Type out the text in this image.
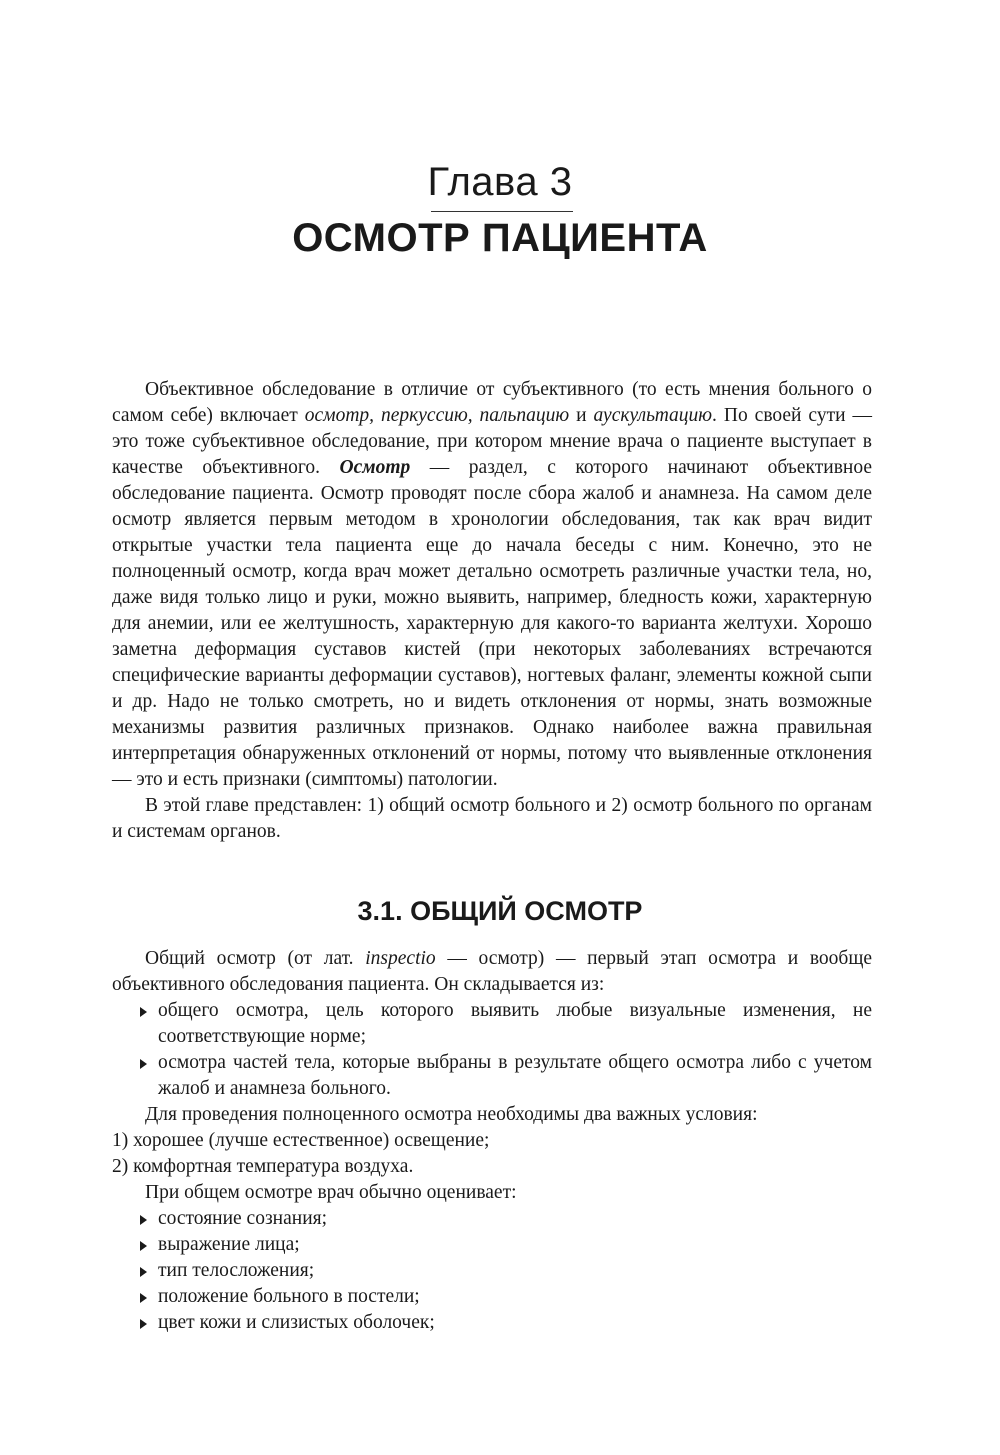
Глава 3
ОСМОТР ПАЦИЕНТА

Объективное обследование в отличие от субъективного (то есть мнения больного о самом себе) включает осмотр, перкуссию, пальпацию и аускультацию. По своей сути — это тоже субъективное обследование, при котором мнение врача о пациенте выступает в качестве объективного. Осмотр — раздел, с которого начинают объективное обследование пациента. Осмотр проводят после сбора жалоб и анамнеза. На самом деле осмотр является первым методом в хронологии обследования, так как врач видит открытые участки тела пациента еще до начала беседы с ним. Конечно, это не полноценный осмотр, когда врач может детально осмотреть различные участки тела, но, даже видя только лицо и руки, можно выявить, например, бледность кожи, характерную для анемии, или ее желтушность, характерную для какого-то варианта желтухи. Хорошо заметна деформация суставов кистей (при некоторых заболеваниях встречаются специфические варианты деформации суставов), ногтевых фаланг, элементы кожной сыпи и др. Надо не только смотреть, но и видеть отклонения от нормы, знать возможные механизмы развития различных признаков. Однако наиболее важна правильная интерпретация обнаруженных отклонений от нормы, потому что выявленные отклонения — это и есть признаки (симптомы) патологии.

В этой главе представлен: 1) общий осмотр больного и 2) осмотр больного по органам и системам органов.

3.1. ОБЩИЙ ОСМОТР

Общий осмотр (от лат. inspectio — осмотр) — первый этап осмотра и вообще объективного обследования пациента. Он складывается из:

общего осмотра, цель которого выявить любые визуальные изменения, не соответствующие норме;

осмотра частей тела, которые выбраны в результате общего осмотра либо с учетом жалоб и анамнеза больного.

Для проведения полноценного осмотра необходимы два важных условия:

1) хорошее (лучше естественное) освещение;

2) комфортная температура воздуха.

При общем осмотре врач обычно оценивает:

состояние сознания;

выражение лица;

тип телосложения;

положение больного в постели;

цвет кожи и слизистых оболочек;
